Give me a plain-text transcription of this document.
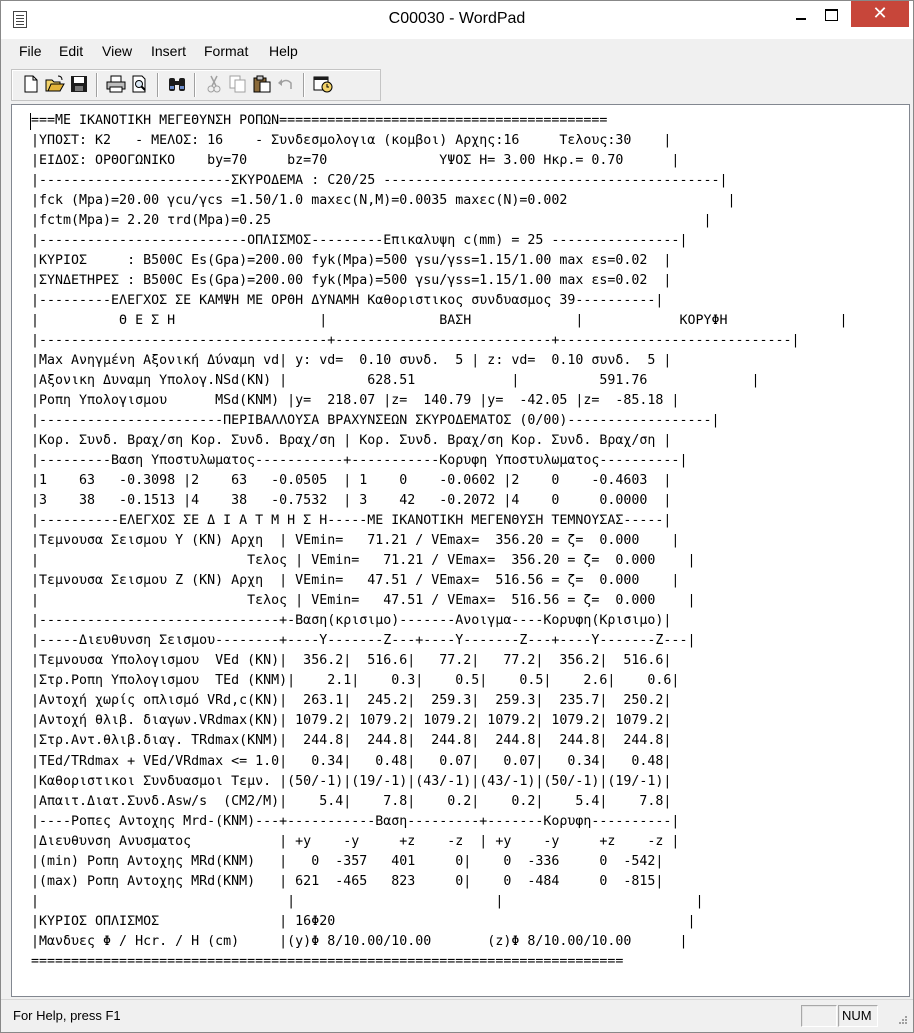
C00030 - WordPad	✕
File Edit View Insert Format Help
===ME ΙΚΑΝΟΤΙΚΗ ΜΕΓΕΘΥΝΣΗ ΡΟΠΩΝ=========================================
|ΥΠΟΣΤ: Κ2   - ΜΕΛΟΣ: 16    - Συνδεσμολογια (κομβοι) Αρχης:16     Τελους:30    |
|ΕΙΔΟΣ: ΟΡΘΟΓΩΝΙΚΟ    by=70     bz=70              ΥΨΟΣ Η= 3.00 Ηκρ.= 0.70      |
|------------------------ΣΚΥΡΟΔΕΜΑ : C20/25 ------------------------------------------|
|fck (Mpa)=20.00 γcu/γcs =1.50/1.0 maxεc(N,M)=0.0035 maxεc(N)=0.002                    |
|fctm(Mpa)= 2.20 τrd(Mpa)=0.25                                                      |
|--------------------------ΟΠΛΙΣΜΟΣ---------Επικαλυψη c(mm) = 25 ----------------|
|ΚΥΡΙΟΣ     : B500C Es(Gpa)=200.00 fyk(Mpa)=500 γsu/γss=1.15/1.00 max εs=0.02  |
|ΣΥΝΔΕΤΗΡΕΣ : B500C Es(Gpa)=200.00 fyk(Mpa)=500 γsu/γss=1.15/1.00 max εs=0.02  |
|---------ΕΛΕΓΧΟΣ ΣΕ ΚΑΜΨΗ ΜΕ ΟΡΘΗ ΔΥΝΑΜΗ Καθοριστικος συνδυασμος 39----------|
|          Θ Ε Σ Η                  |              ΒΑΣΗ             |            ΚΟΡΥΦΗ              |
|------------------------------------+---------------------------+-----------------------------|
|Max Ανηγμένη Αξονική Δύναμη vd| y: vd=  0.10 συνδ.  5 | z: vd=  0.10 συνδ.  5 |
|Αξονικη Δυναμη Υπολογ.NSd(KN) |          628.51            |          591.76             |
|Ροπη Υπολογισμου      MSd(KNM) |y=  218.07 |z=  140.79 |y=  -42.05 |z=  -85.18 |
|-----------------------ΠΕΡΙΒΑΛΛΟΥΣΑ ΒΡΑΧΥΝΣΕΩΝ ΣΚΥΡΟΔΕΜΑΤΟΣ (0/00)------------------|
|Κορ. Συνδ. Βραχ/ση Κορ. Συνδ. Βραχ/ση | Κορ. Συνδ. Βραχ/ση Κορ. Συνδ. Βραχ/ση |
|---------Βαση Υποστυλωματος-----------+-----------Κορυφη Υποστυλωματος----------|
|1    63   -0.3098 |2    63   -0.0505  | 1    0    -0.0602 |2    0    -0.4603  |
|3    38   -0.1513 |4    38   -0.7532  | 3    42   -0.2072 |4    0     0.0000  |
|----------ΕΛΕΓΧΟΣ ΣΕ Δ Ι Α Τ Μ Η Σ Η-----ΜΕ ΙΚΑΝΟΤΙΚΗ ΜΕΓΕΝΘΥΣΗ ΤΕΜΝΟΥΣΑΣ-----|
|Τεμνουσα Σεισμου Y (KN) Αρχη  | VEmin=   71.21 / VEmax=  356.20 = ζ=  0.000    |
|                          Τελος | VEmin=   71.21 / VEmax=  356.20 = ζ=  0.000    |
|Τεμνουσα Σεισμου Z (KN) Αρχη  | VEmin=   47.51 / VEmax=  516.56 = ζ=  0.000    |
|                          Τελος | VEmin=   47.51 / VEmax=  516.56 = ζ=  0.000    |
|------------------------------+-Βαση(κρισιμο)-------Ανοιγμα----Κορυφη(Κρισιμο)|
|-----Διευθυνση Σεισμου--------+----Y-------Z---+----Y-------Z---+----Y-------Z---|
|Τεμνουσα Υπολογισμου  VEd (KN)|  356.2|  516.6|   77.2|   77.2|  356.2|  516.6|
|Στρ.Ροπη Υπολογισμου  TEd (KNM)|    2.1|    0.3|    0.5|    0.5|    2.6|    0.6|
|Αντοχή χωρίς οπλισμό VRd,c(KN)|  263.1|  245.2|  259.3|  259.3|  235.7|  250.2|
|Αντοχή θλιβ. διαγων.VRdmax(KN)| 1079.2| 1079.2| 1079.2| 1079.2| 1079.2| 1079.2|
|Στρ.Αντ.θλιβ.διαγ. TRdmax(KNM)|  244.8|  244.8|  244.8|  244.8|  244.8|  244.8|
|TEd/TRdmax + VEd/VRdmax <= 1.0|   0.34|   0.48|   0.07|   0.07|   0.34|   0.48|
|Καθοριστικοι Συνδυασμοι Τεμν. |(50/-1)|(19/-1)|(43/-1)|(43/-1)|(50/-1)|(19/-1)|
|Απαιτ.Διατ.Συνδ.Asw/s  (CM2/M)|    5.4|    7.8|    0.2|    0.2|    5.4|    7.8|
|----Ροπες Αντοχης Mrd-(KNM)---+-----------Βαση---------+-------Κορυφη----------|
|Διευθυνση Ανυσματος           | +y    -y     +z    -z  | +y    -y     +z    -z |
|(min) Ροπη Αντοχης MRd(KNM)   |   0  -357   401     0|    0  -336     0  -542|
|(max) Ροπη Αντοχης MRd(KNM)   | 621  -465   823     0|    0  -484     0  -815|
|                               |                         |                        |
|ΚΥΡΙΟΣ ΟΠΛΙΣΜΟΣ               | 16Φ20                                            |
|Μανδυες Φ / Hcr. / H (cm)     |(y)Φ 8/10.00/10.00       (z)Φ 8/10.00/10.00      |
==========================================================================
For Help, press F1	NUM
